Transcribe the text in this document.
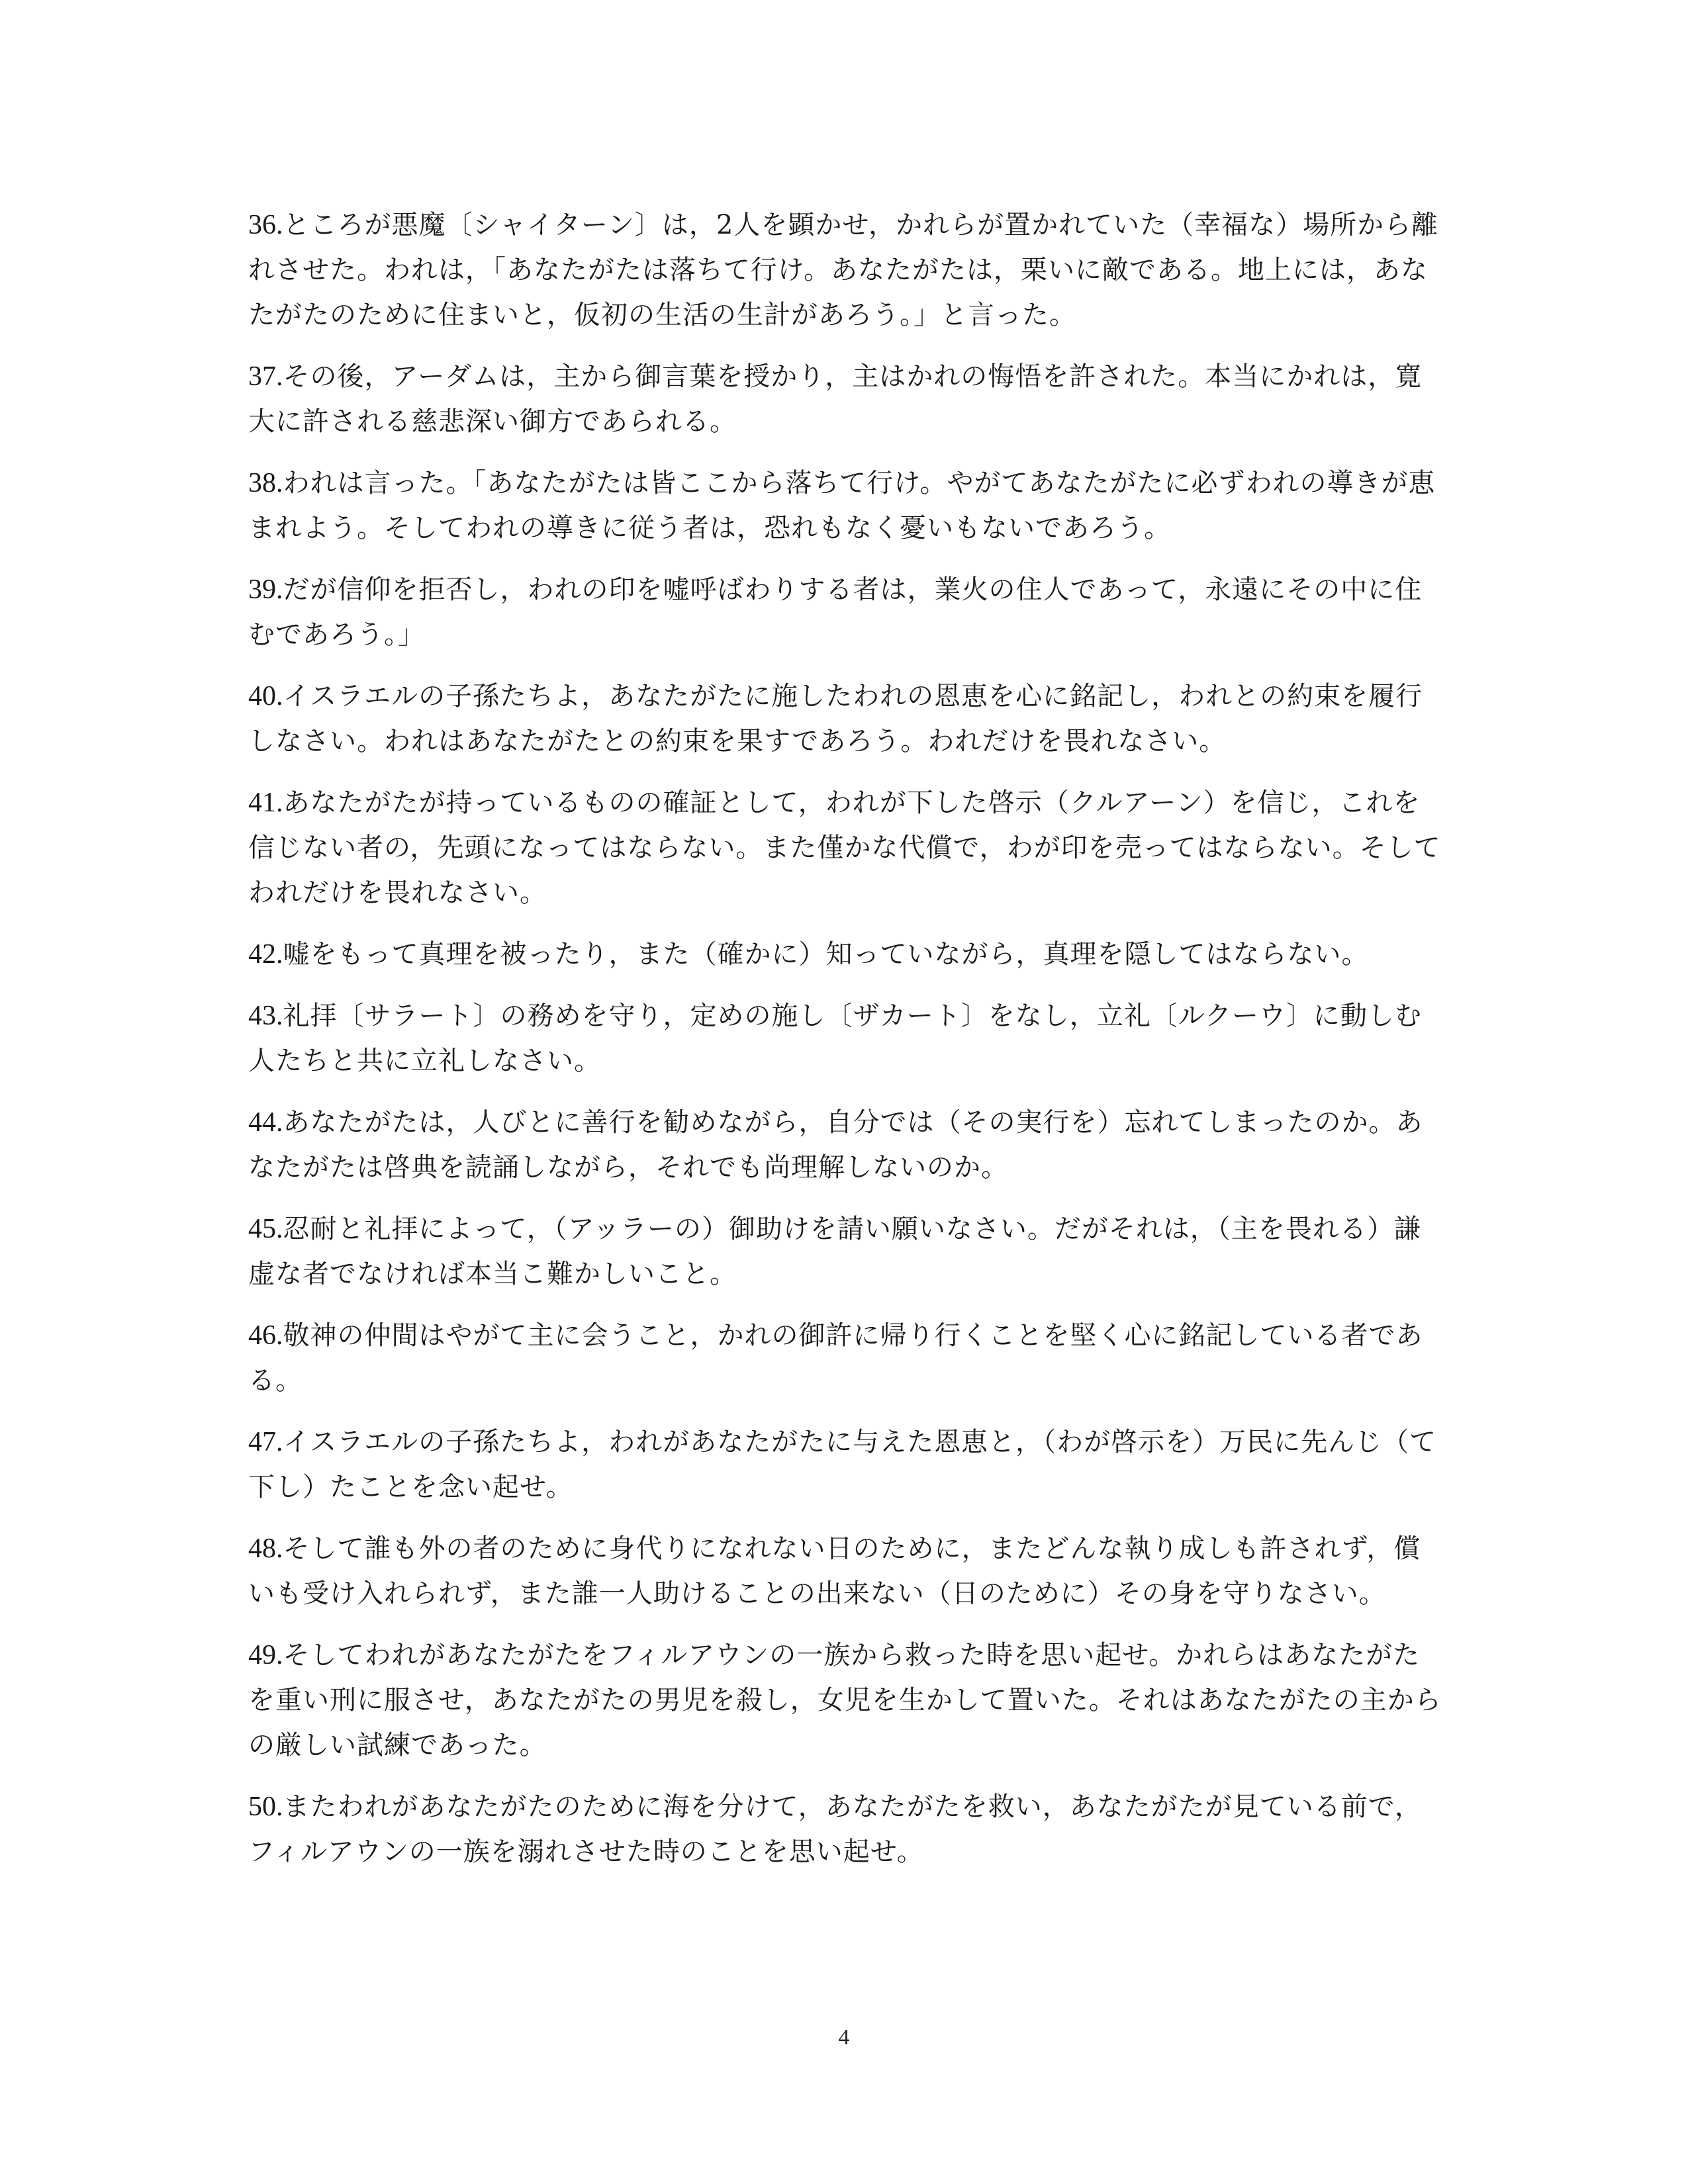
36.ところが悪魔〔シャイターン〕は，2人を顕かせ，かれらが置かれていた（幸福な）場所から離れさせた。われは，「あなたがたは落ちて行け。あなたがたは，栗いに敵である。地上には，あなたがたのために住まいと，仮初の生活の生計があろう。」と言った。

37.その後，アーダムは，主から御言葉を授かり，主はかれの悔悟を許された。本当にかれは，寛大に許される慈悲深い御方であられる。

38.われは言った。「あなたがたは皆ここから落ちて行け。やがてあなたがたに必ずわれの導きが恵まれよう。そしてわれの導きに従う者は，恐れもなく憂いもないであろう。

39.だが信仰を拒否し，われの印を嘘呼ばわりする者は，業火の住人であって，永遠にその中に住むであろう。」

40.イスラエルの子孫たちよ，あなたがたに施したわれの恩恵を心に銘記し，われとの約束を履行しなさい。われはあなたがたとの約束を果すであろう。われだけを畏れなさい。

41.あなたがたが持っているものの確証として，われが下した啓示（クルアーン）を信じ，これを信じない者の，先頭になってはならない。また僅かな代償で，わが印を売ってはならない。そしてわれだけを畏れなさい。

42.嘘をもって真理を被ったり，また（確かに）知っていながら，真理を隠してはならない。

43.礼拝〔サラート〕の務めを守り，定めの施し〔ザカート〕をなし，立礼〔ルクーウ〕に動しむ人たちと共に立礼しなさい。

44.あなたがたは，人びとに善行を勧めながら，自分では（その実行を）忘れてしまったのか。あなたがたは啓典を読誦しながら，それでも尚理解しないのか。

45.忍耐と礼拝によって，（アッラーの）御助けを請い願いなさい。だがそれは，（主を畏れる）謙虚な者でなければ本当こ難かしいこと。

46.敬神の仲間はやがて主に会うこと，かれの御許に帰り行くことを堅く心に銘記している者である。

47.イスラエルの子孫たちよ，われがあなたがたに与えた恩恵と，（わが啓示を）万民に先んじ（て下し）たことを念い起せ。

48.そして誰も外の者のために身代りになれない日のために，またどんな執り成しも許されず，償いも受け入れられず，また誰一人助けることの出来ない（日のために）その身を守りなさい。

49.そしてわれがあなたがたをフィルアウンの一族から救った時を思い起せ。かれらはあなたがたを重い刑に服させ，あなたがたの男児を殺し，女児を生かして置いた。それはあなたがたの主からの厳しい試練であった。

50.またわれがあなたがたのために海を分けて，あなたがたを救い，あなたがたが見ている前で，フィルアウンの一族を溺れさせた時のことを思い起せ。

4
